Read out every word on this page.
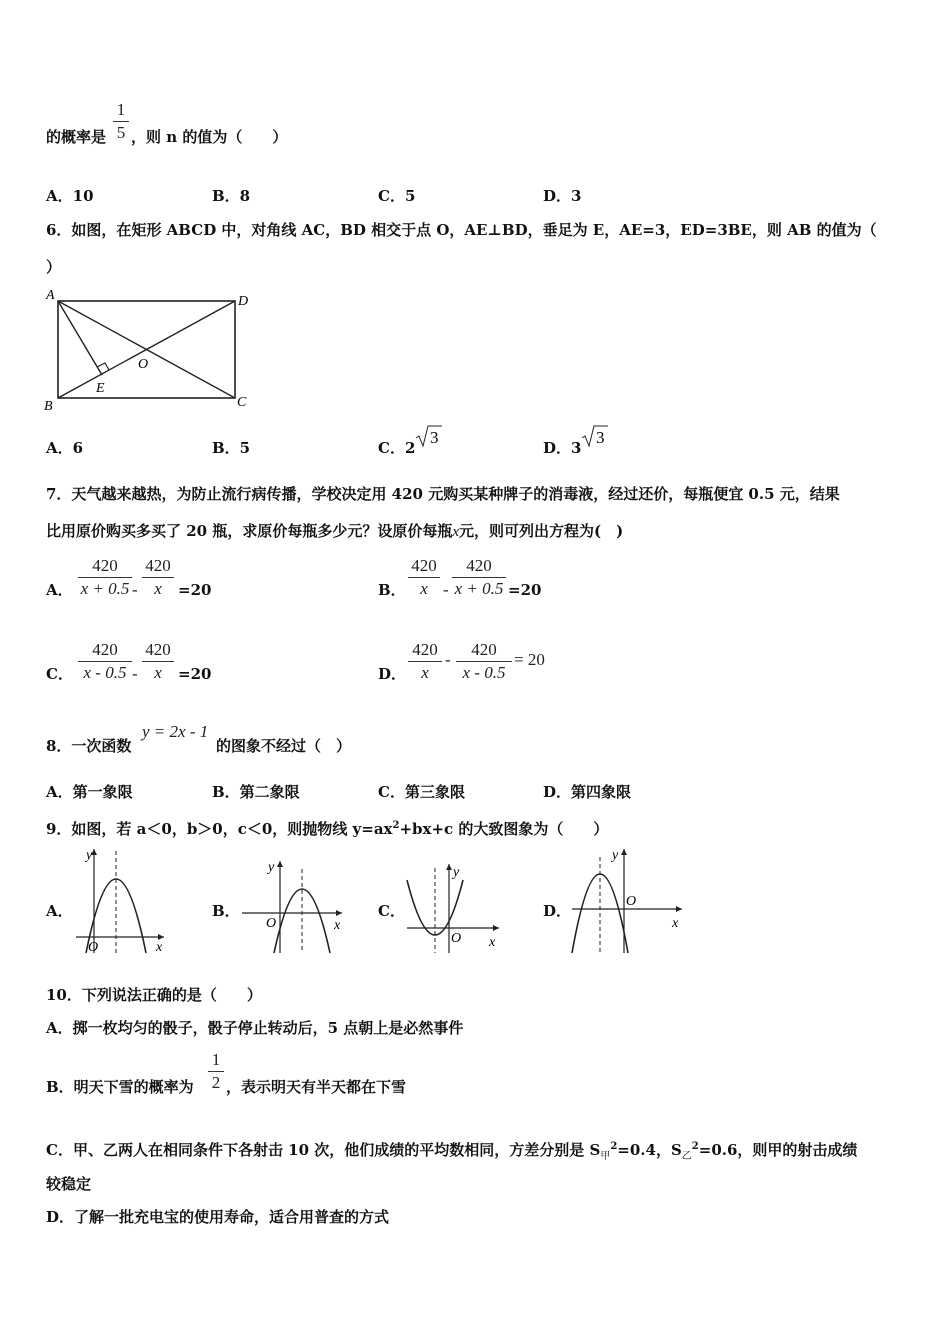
的概率是
1
5 ，则 n 的值为（　　）
A．10	B．8	C．5	D．3
6．如图，在矩形 ABCD 中，对角线 AC，BD 相交于点 O，AE⊥BD，垂足为 E，AE=3，ED=3BE，则 AB 的值为（
）
A	D
B	C
O
E
A．6	B．5	C．2
3
D．3
3
7．天气越来越热，为防止流行病传播，学校决定用 420 元购买某种牌子的消毒液，经过还价，每瓶便宜 0.5 元，结果
比用原价购买多买了 20 瓶，求原价每瓶多少元？设原价每瓶x元，则可列出方程为(　)
A．
420
x + 0.5 -
420
x	=20	B．
420
x -
420
x + 0.5 =20
C．
420
x - 0.5 -
420
x	=20	D．
420
x
-
420
x - 0.5
= 20
8．一次函数
y = 2x - 1
的图象不经过（　）
A．第一象限	B．第二象限	C．第三象限	D．第四象限
9．如图，若 a＜0，b＞0，c＜0，则抛物线 $y=ax^2+bx+c$ 的大致图象为（　　）
A．
y
x
O
B．
y
x
O
C．
y
x
O
D．
y
x
O
10．下列说法正确的是（　　）
A．掷一枚均匀的骰子，骰子停止转动后，5 点朝上是必然事件
B．明天下雪的概率为
1
2 ，表示明天有半天都在下雪
C．甲、乙两人在相同条件下各射击 10 次，他们成绩的平均数相同，方差分别是 $S_甲^2=0.4$，$S_乙^2=0.6$，则甲的射击成绩
较稳定
D．了解一批充电宝的使用寿命，适合用普查的方式
